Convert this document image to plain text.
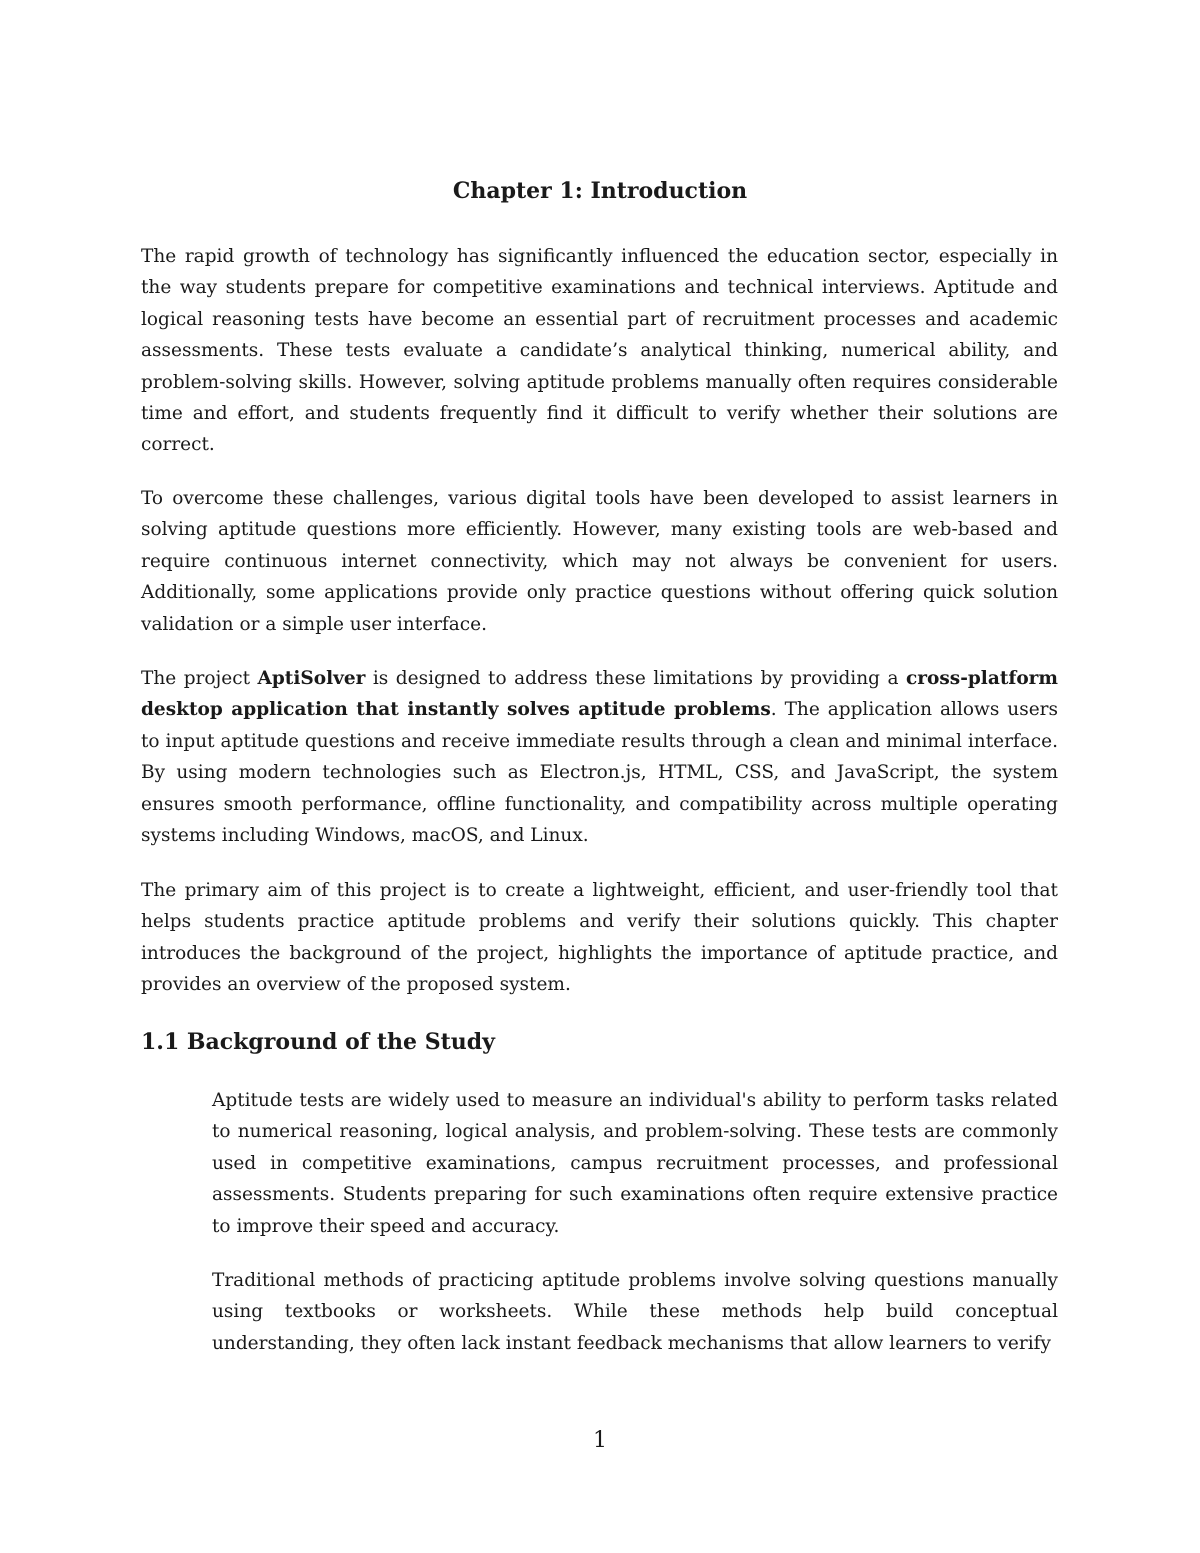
Chapter 1: Introduction

The rapid growth of technology has significantly influenced the education sector, especially in the way students prepare for competitive examinations and technical interviews. Aptitude and logical reasoning tests have become an essential part of recruitment processes and academic assessments. These tests evaluate a candidate’s analytical thinking, numerical ability, and problem-solving skills. However, solving aptitude problems manually often requires considerable time and effort, and students frequently find it difficult to verify whether their solutions are correct.

To overcome these challenges, various digital tools have been developed to assist learners in solving aptitude questions more efficiently. However, many existing tools are web-based and require continuous internet connectivity, which may not always be convenient for users. Additionally, some applications provide only practice questions without offering quick solution validation or a simple user interface.

The project AptiSolver is designed to address these limitations by providing a cross-platform desktop application that instantly solves aptitude problems. The application allows users to input aptitude questions and receive immediate results through a clean and minimal interface. By using modern technologies such as Electron.js, HTML, CSS, and JavaScript, the system ensures smooth performance, offline functionality, and compatibility across multiple operating systems including Windows, macOS, and Linux.

The primary aim of this project is to create a lightweight, efficient, and user-friendly tool that helps students practice aptitude problems and verify their solutions quickly. This chapter introduces the background of the project, highlights the importance of aptitude practice, and provides an overview of the proposed system.

1.1 Background of the Study

Aptitude tests are widely used to measure an individual's ability to perform tasks related to numerical reasoning, logical analysis, and problem-solving. These tests are commonly used in competitive examinations, campus recruitment processes, and professional assessments. Students preparing for such examinations often require extensive practice to improve their speed and accuracy.

Traditional methods of practicing aptitude problems involve solving questions manually using textbooks or worksheets. While these methods help build conceptual understanding, they often lack instant feedback mechanisms that allow learners to verify

1
